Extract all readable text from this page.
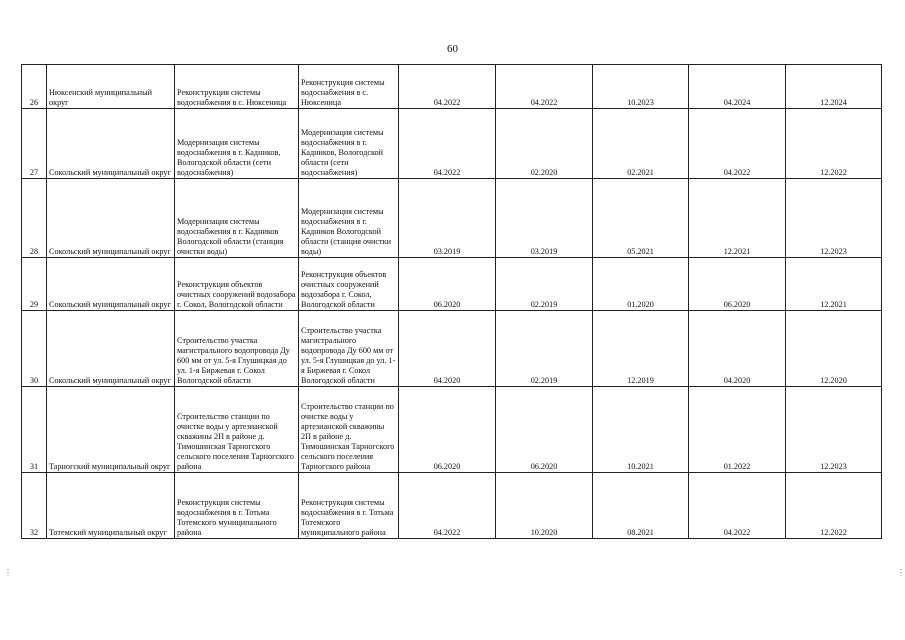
60
26	Нюксенский муниципальный округ	Реконструкция системы водоснабжения в с. Нюксеница	Реконструкция системы водоснабжения в с. Нюксеница	04.2022	04.2022	10.2023	04.2024	12.2024
27	Сокольский муниципальный округ	Модернизация системы водоснабжения в г. Кадников, Вологодской области (сети водоснабжения)	Модернизация системы водоснабжения в г. Кадников, Вологодской области (сети водоснабжения)	04.2022	02.2020	02.2021	04.2022	12.2022
28	Сокольский муниципальный округ	Модернизация системы водоснабжения в г. Кадников Вологодской области (станция очистки воды)	Модернизация системы водоснабжения в г. Кадников Вологодской области (станция очистки воды)	03.2019	03.2019	05.2021	12.2021	12.2023
29	Сокольский муниципальный округ	Реконструкция объектов очистных сооружений водозабора г. Сокол, Вологодской области	Реконструкция объектов очистных сооружений водозабора г. Сокол, Вологодской области	06.2020	02.2019	01.2020	06.2020	12.2021
30	Сокольский муниципальный округ	Строительство участка магистрального водопровода Ду 600 мм от ул. 5-я Глушицкая до ул. 1-я Биржевая г. Сокол Вологодской области	Строительство участка магистрального водопровода Ду 600 мм от ул. 5-я Глушицкая до ул. 1-я Биржевая г. Сокол Вологодской области	04.2020	02.2019	12.2019	04.2020	12.2020
31	Тарногский муниципальный округ	Строительство станции по очистке воды у артезианской скважины 2П в районе д. Тимошинская Тарногского сельского поселения Тарногского района	Строительство станции по очистке воды у артезианской скважины 2П в районе д. Тимошинская Тарногского сельского поселения Тарногского района	06.2020	06.2020	10.2021	01.2022	12.2023
32	Тотемский муниципальный округ	Реконструкция системы водоснабжения в г. Тотьма Тотемского муниципального района	Реконструкция системы водоснабжения в г. Тотьма Тотемского муниципального района	04.2022	10.2020	08.2021	04.2022	12.2022
⋮	⋮
